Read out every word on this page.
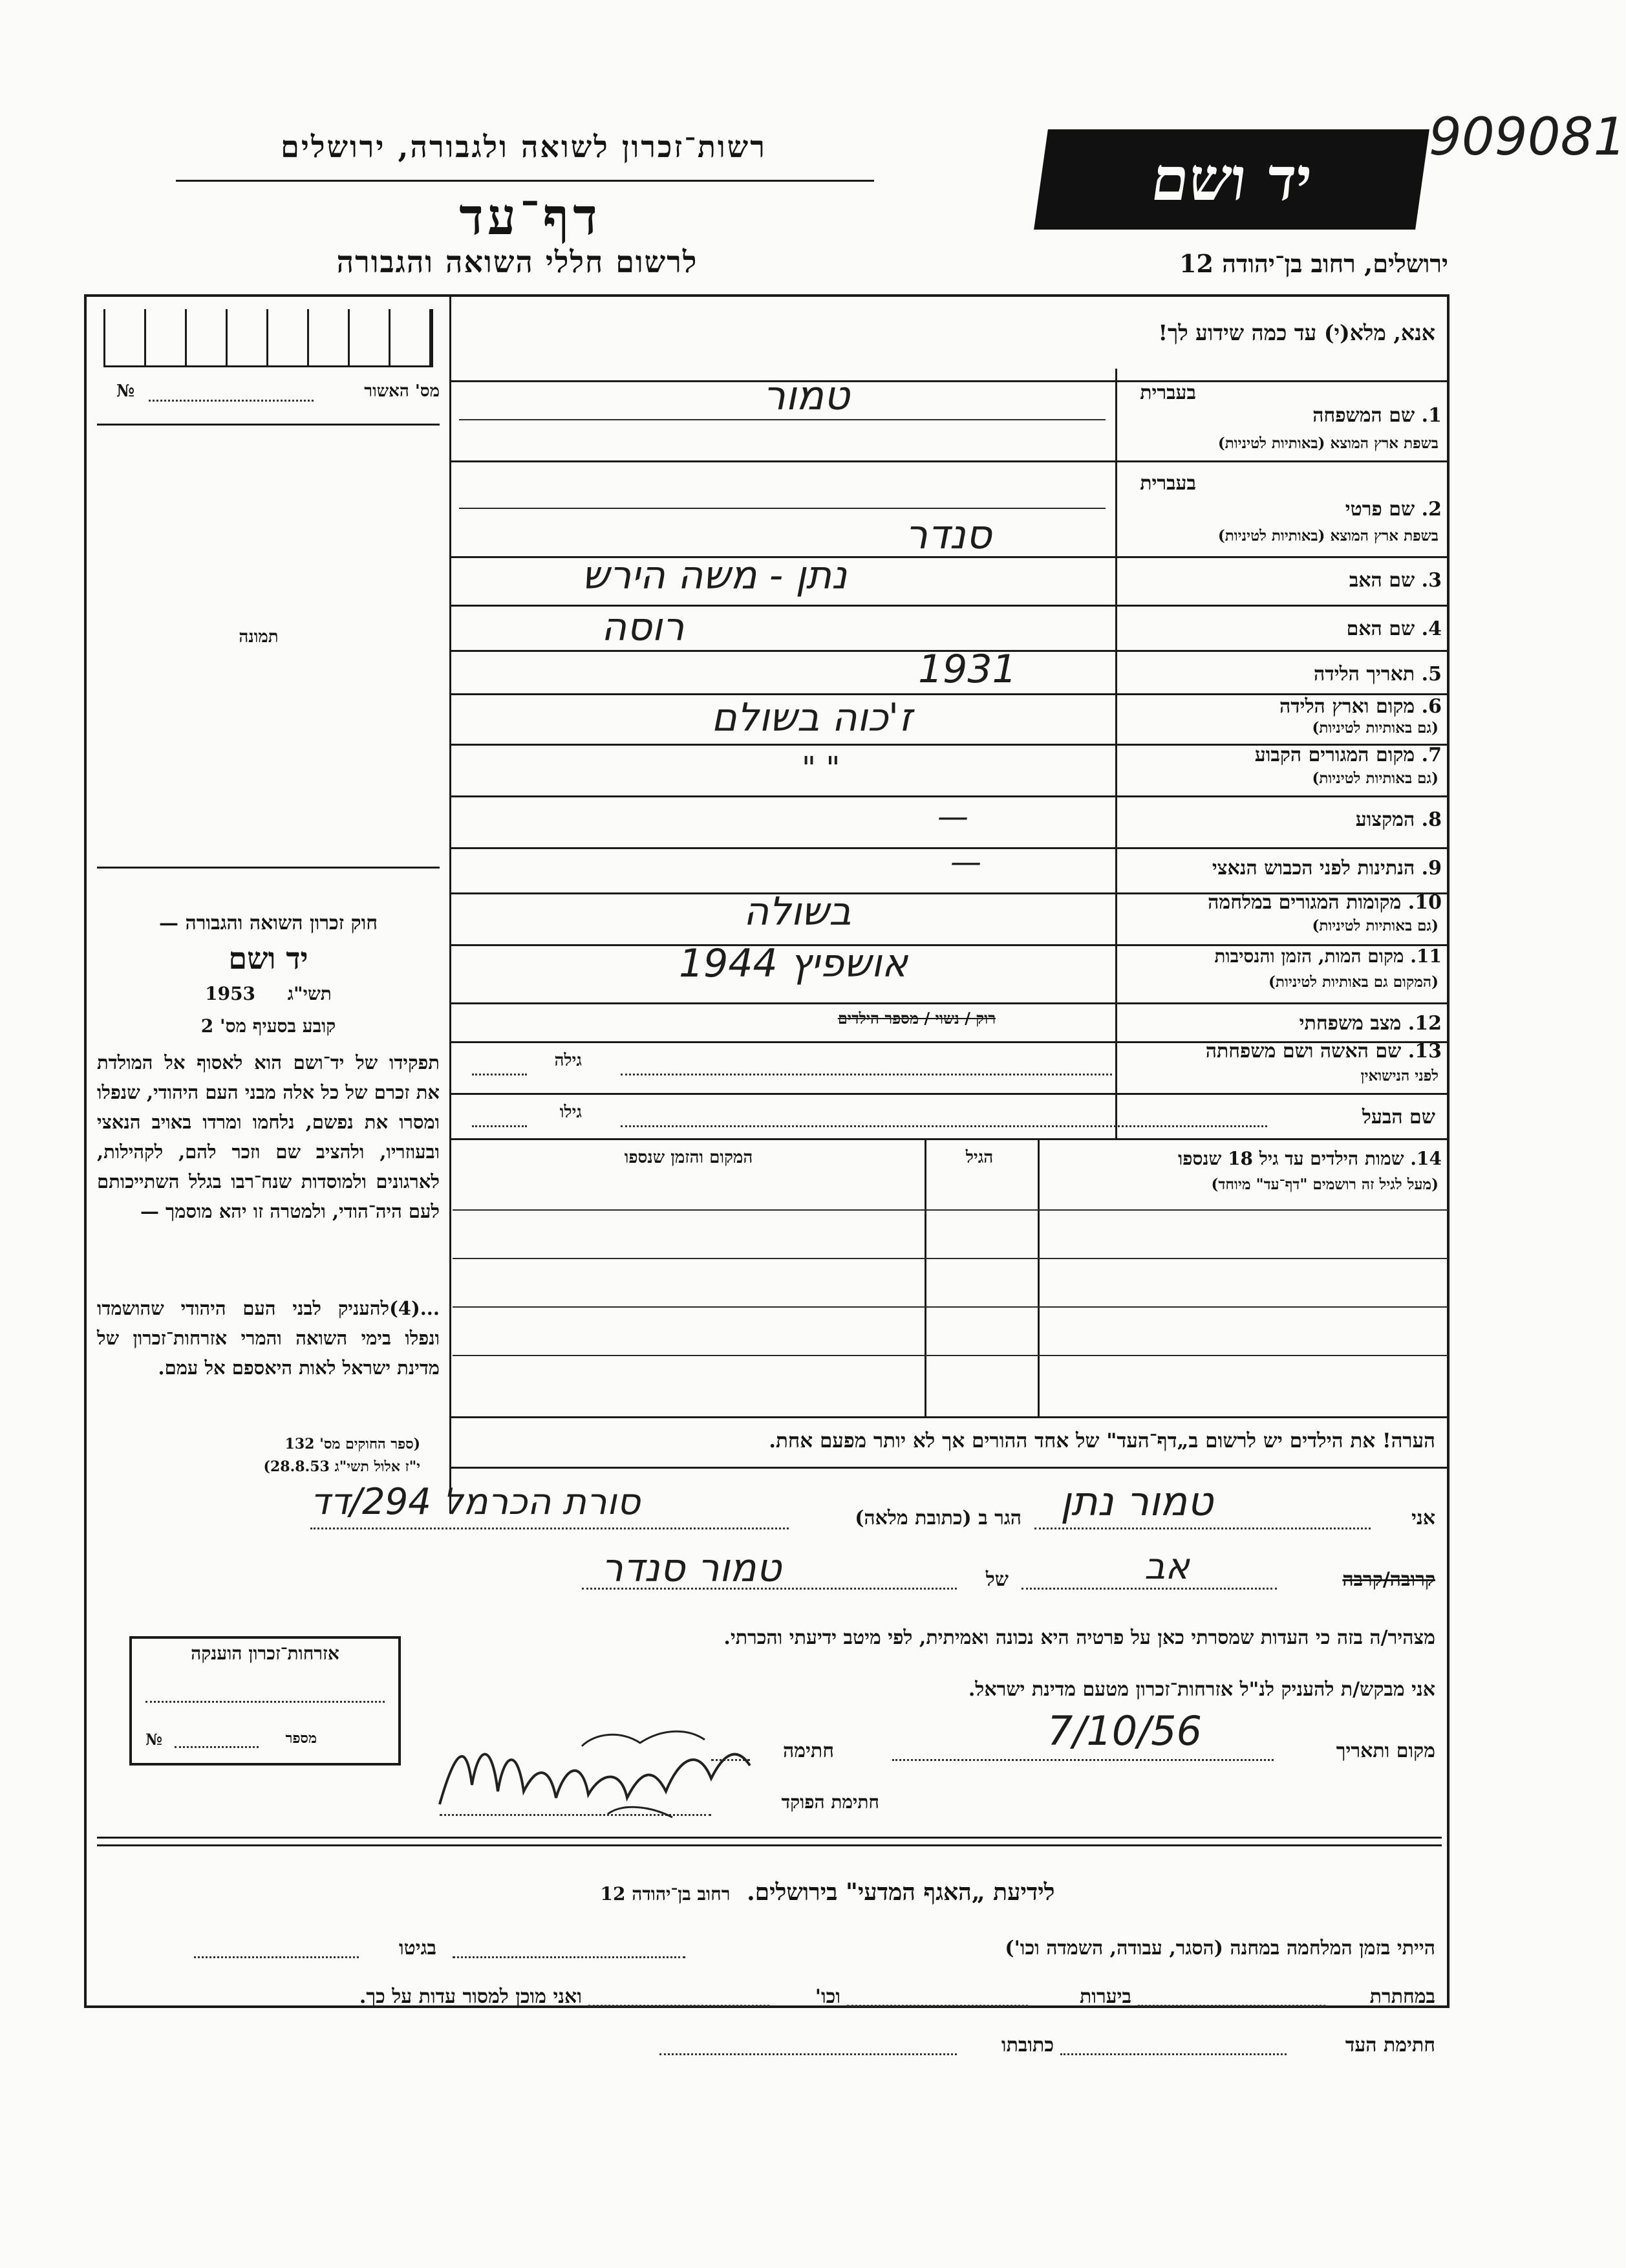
909081
רשות־זכרון לשואה ולגבורה, ירושלים
דף־עד
לרשום חללי השואה והגבורה
יד ושם
ירושלים, רחוב בן־יהודה 12
אנא, מלא(י) עד כמה שידוע לך!
מס' האשור
№
תמונה
חוק זכרון השואה והגבורה —
יד ושם
תשי"ג 1953
קובע בסעיף מס' 2
תפקידו של יד־ושם הוא לאסוף אל המולדת את זכרם של כל אלה מבני העם היהודי, שנפלו ומסרו את נפשם, נלחמו ומרדו באויב הנאצי ובעוזריו, ולהציב שם וזכר להם, לקהילות, לארגונים ולמוסדות שנח־רבו בגלל השתייכותם לעם היה־הודי, ולמטרה זו יהא מוסמך —
...(4)להעניק לבני העם היהודי שהושמדו ונפלו בימי השואה והמרי אזרחות־זכרון של מדינת ישראל לאות היאספם אל עמם.
(ספר החוקים מס' 132
י"ז אלול תשי"ג 28.8.53)
בעברית
1. שם המשפחה
בשפת ארץ המוצא (באותיות לטיניות)
טמור
בעברית
2. שם פרטי
בשפת ארץ המוצא (באותיות לטיניות)
סנדר
3. שם האב
נתן - משה הירש
4. שם האם
רוסה
5. תאריך הלידה
1931
6. מקום וארץ הלידה
(גם באותיות לטיניות)
ז'כוה בשולם
7. מקום המגורים הקבוע
(גם באותיות לטיניות)
" "
8. המקצוע
—
9. הנתינות לפני הכבוש הנאצי
—
10. מקומות המגורים במלחמה
(גם באותיות לטיניות)
בשולה
11. מקום המות, הזמן והנסיבות
(המקום גם באותיות לטיניות)
אושפיץ 1944
12. מצב משפחתי
רוק / נשוי / מספר הילדים
13. שם האשה ושם משפחתה
לפני הנישואין
גילה
שם הבעל
גילו
14. שמות הילדים עד גיל 18 שנספו
(מעל לגיל זה רושמים "דף־עד" מיוחד)
הגיל
המקום והזמן שנספו
הערה! את הילדים יש לרשום ב„דף־העד" של אחד ההורים אך לא יותר מפעם אחת.
אני
טמור נתן
הגר ב (כתובת מלאה)
סורת הכרמל 294/דד
קרובה/קרבה
אב
של
טמור סנדר
מצהיר/ה בזה כי העדות שמסרתי כאן על פרטיה היא נכונה ואמיתית, לפי מיטב ידיעתי והכרתי.
אני מבקש/ת להעניק לנ"ל אזרחות־זכרון מטעם מדינת ישראל.
מקום ותאריך
7/10/56
חתימה
חתימת הפוקד
אזרחות־זכרון הוענקה
מספר
№
לידיעת „האגף המדעי" בירושלים. רחוב בן־יהודה 12
הייתי בזמן המלחמה במחנה (הסגר, עבודה, השמדה וכו')
בגיטו
במחתרת
ביערות
וכו'
ואני מוכן למסור עדות על כך.
חתימת העד
כתובתו
